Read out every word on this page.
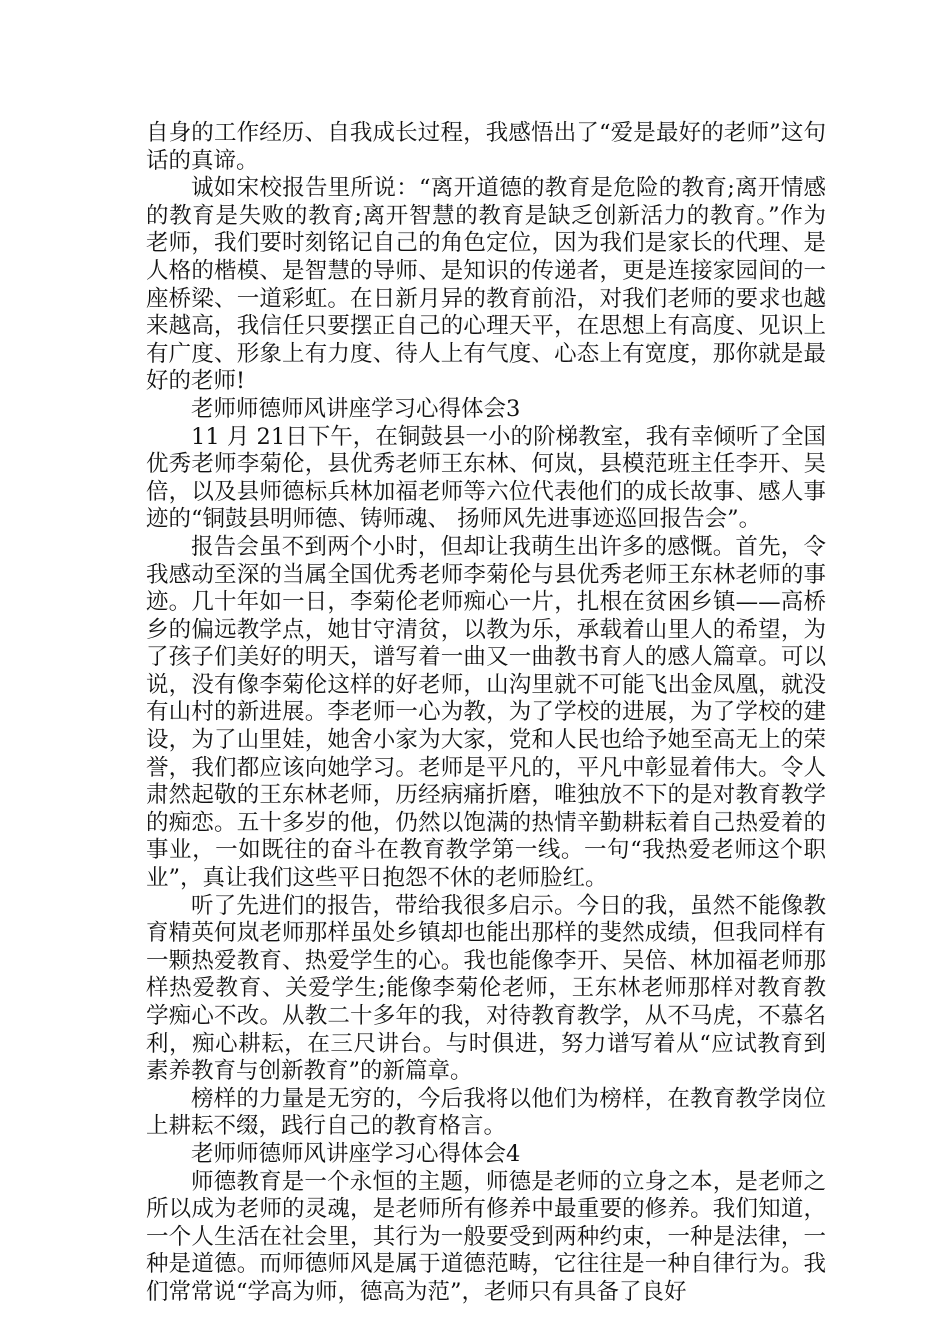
自身的工作经历、自我成长过程，我感悟出了“爱是最好的老师”这句话的真谛。

诚如宋校报告里所说：“离开道德的教育是危险的教育;离开情感的教育是失败的教育;离开智慧的教育是缺乏创新活力的教育。”作为老师，我们要时刻铭记自己的角色定位，因为我们是家长的代理、是人格的楷模、是智慧的导师、是知识的传递者，更是连接家园间的一座桥梁、一道彩虹。在日新月异的教育前沿，对我们老师的要求也越来越高，我信任只要摆正自己的心理天平，在思想上有高度、见识上有广度、形象上有力度、待人上有气度、心态上有宽度，那你就是最好的老师!

老师师德师风讲座学习心得体会3

11 月 21日下午，在铜鼓县一小的阶梯教室，我有幸倾听了全国优秀老师李菊伦，县优秀老师王东林、何岚，县模范班主任李开、吴倍，以及县师德标兵林加福老师等六位代表他们的成长故事、感人事迹的“铜鼓县明师德、铸师魂、 扬师风先进事迹巡回报告会”。

报告会虽不到两个小时，但却让我萌生出许多的感慨。首先，令我感动至深的当属全国优秀老师李菊伦与县优秀老师王东林老师的事迹。几十年如一日，李菊伦老师痴心一片，扎根在贫困乡镇——高桥乡的偏远教学点，她甘守清贫，以教为乐，承载着山里人的希望，为了孩子们美好的明天，谱写着一曲又一曲教书育人的感人篇章。可以说，没有像李菊伦这样的好老师，山沟里就不可能飞出金凤凰，就没有山村的新进展。李老师一心为教，为了学校的进展，为了学校的建设，为了山里娃，她舍小家为大家，党和人民也给予她至高无上的荣誉，我们都应该向她学习。老师是平凡的，平凡中彰显着伟大。令人肃然起敬的王东林老师，历经病痛折磨，唯独放不下的是对教育教学的痴恋。五十多岁的他，仍然以饱满的热情辛勤耕耘着自己热爱着的事业，一如既往的奋斗在教育教学第一线。一句“我热爱老师这个职业”，真让我们这些平日抱怨不休的老师脸红。

听了先进们的报告，带给我很多启示。今日的我，虽然不能像教育精英何岚老师那样虽处乡镇却也能出那样的斐然成绩，但我同样有一颗热爱教育、热爱学生的心。我也能像李开、吴倍、林加福老师那样热爱教育、关爱学生;能像李菊伦老师，王东林老师那样对教育教学痴心不改。从教二十多年的我，对待教育教学，从不马虎，不慕名利，痴心耕耘，在三尺讲台。与时俱进，努力谱写着从“应试教育到素养教育与创新教育”的新篇章。

榜样的力量是无穷的，今后我将以他们为榜样，在教育教学岗位上耕耘不缀，践行自己的教育格言。

老师师德师风讲座学习心得体会4

师德教育是一个永恒的主题，师德是老师的立身之本，是老师之所以成为老师的灵魂，是老师所有修养中最重要的修养。我们知道，一个人生活在社会里，其行为一般要受到两种约束，一种是法律，一种是道德。而师德师风是属于道德范畴，它往往是一种自律行为。我们常常说“学高为师，德高为范”，老师只有具备了良好
